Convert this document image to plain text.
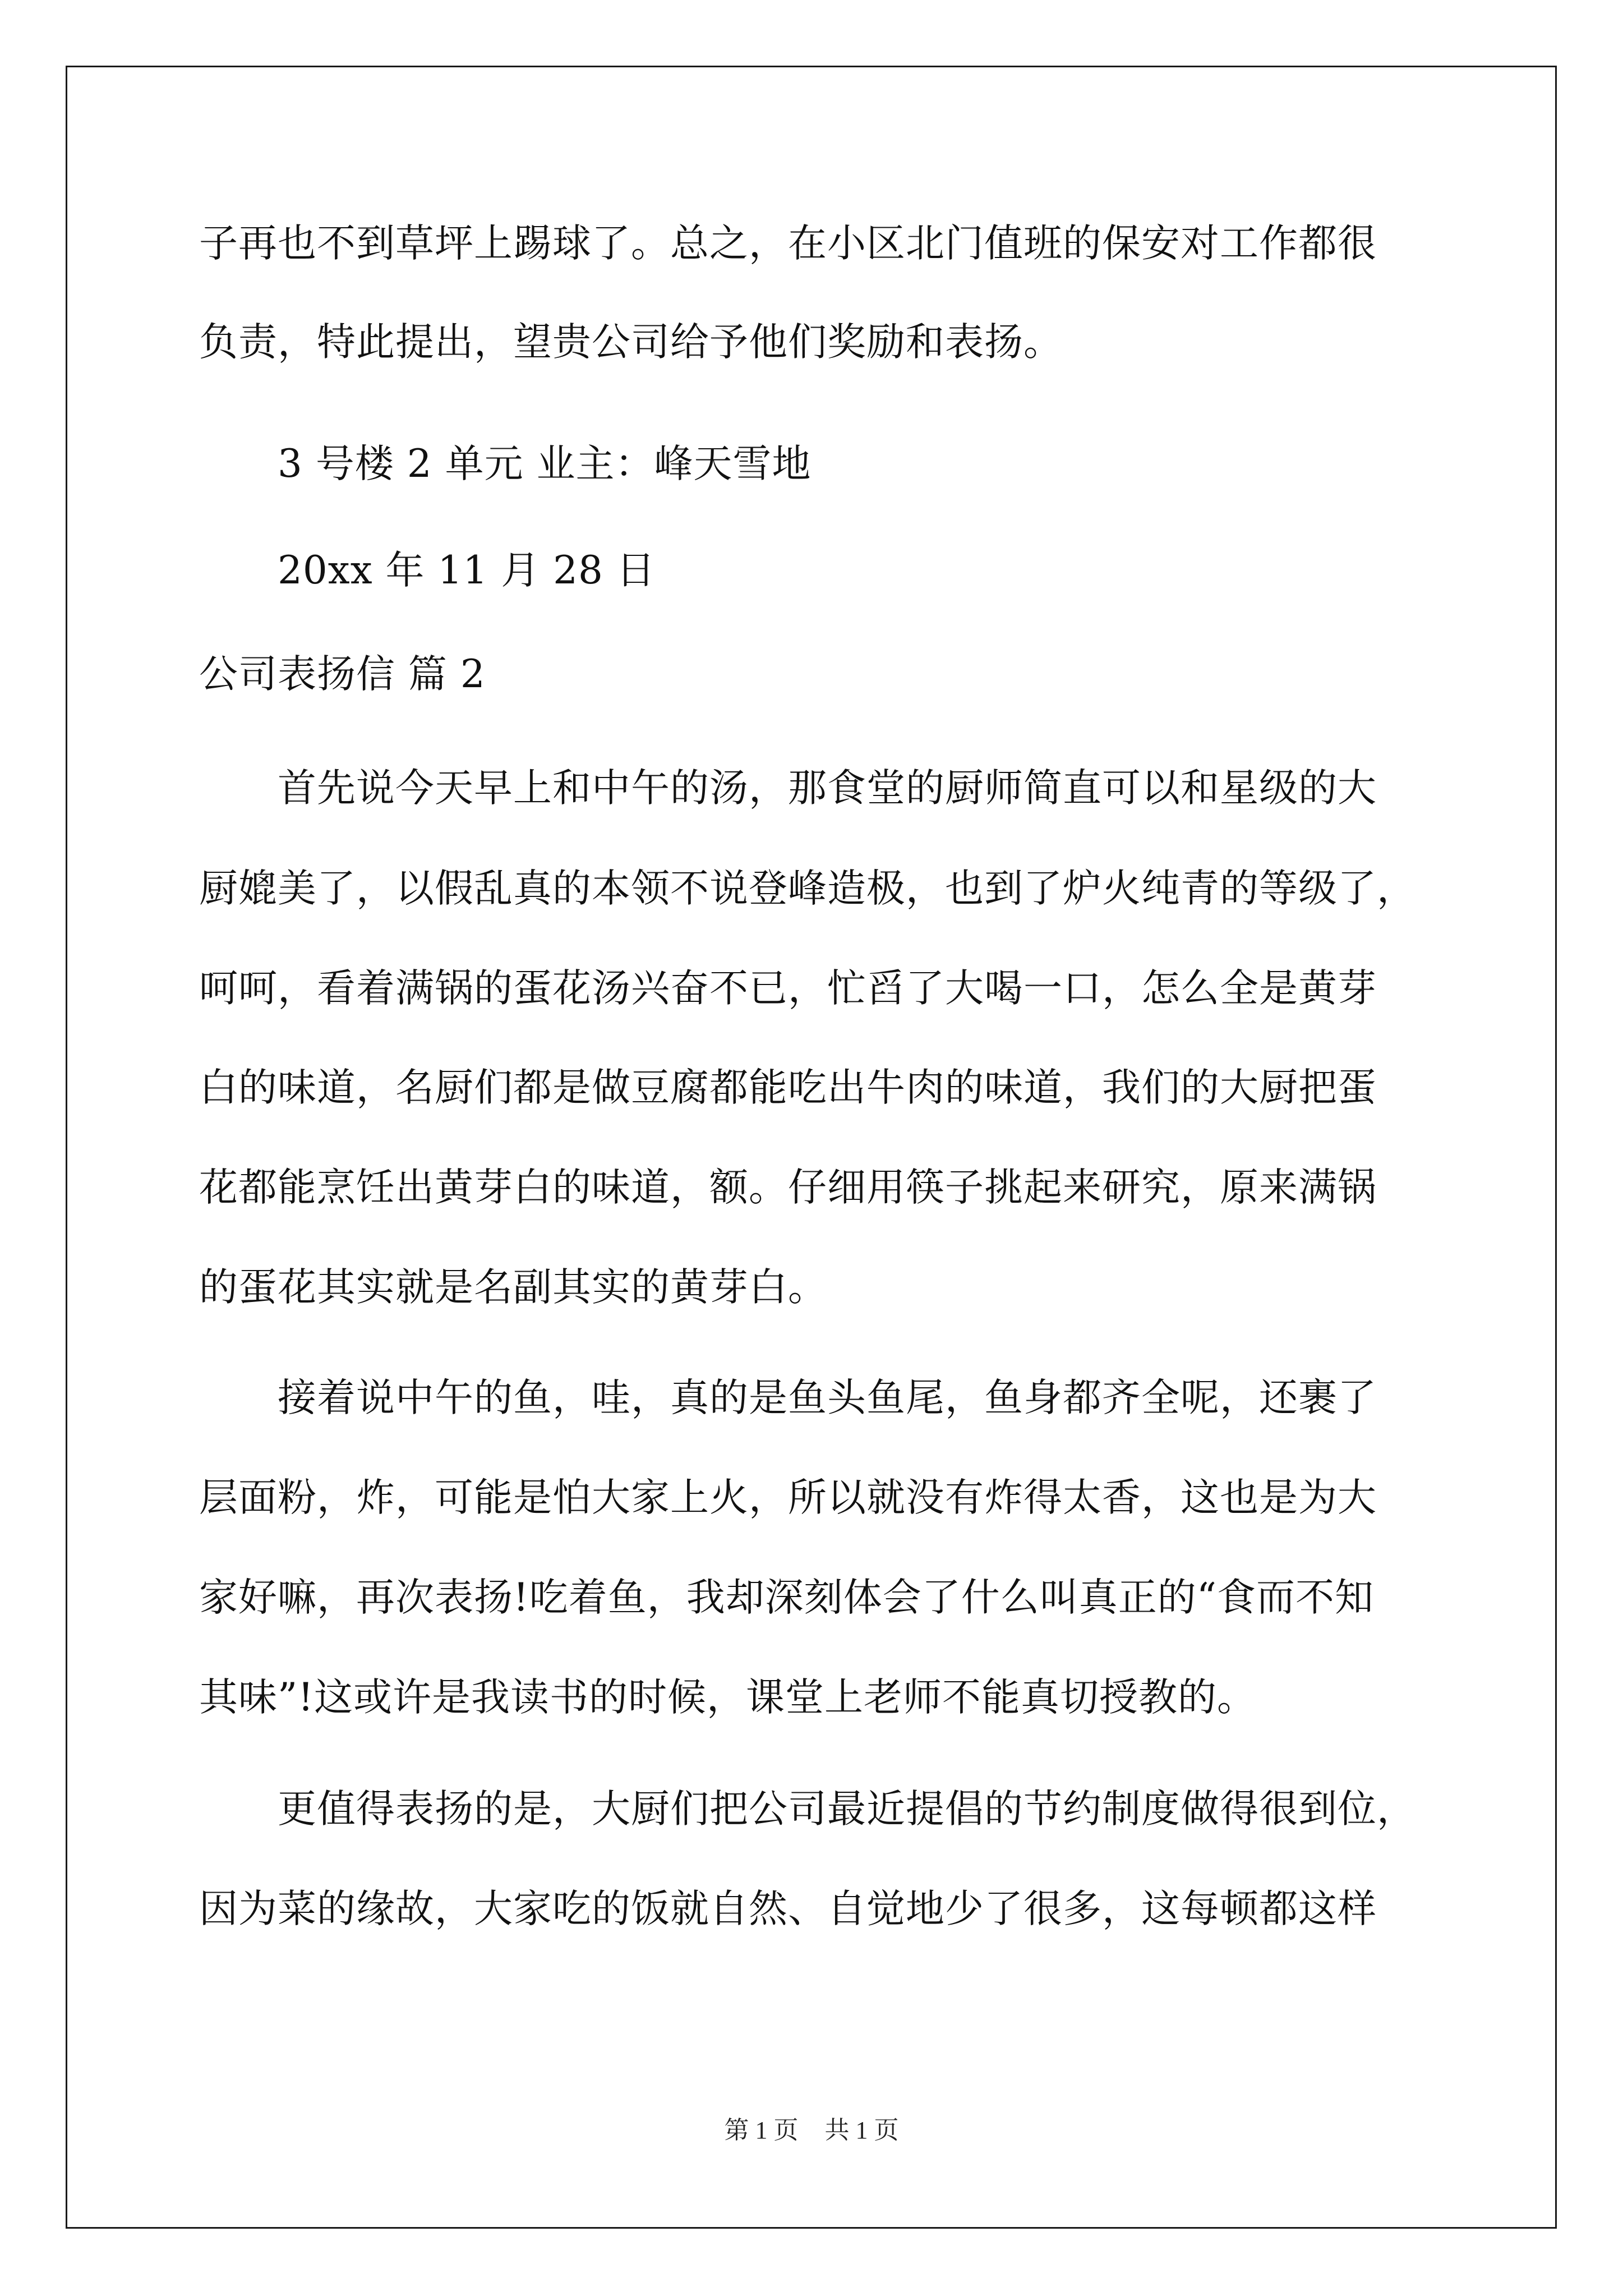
子再也不到草坪上踢球了。总之，在小区北门值班的保安对工作都很
负责，特此提出，望贵公司给予他们奖励和表扬。
3 号楼 2 单元 业主：峰天雪地
20xx 年 11 月 28 日
公司表扬信 篇 2
首先说今天早上和中午的汤，那食堂的厨师简直可以和星级的大
厨媲美了，以假乱真的本领不说登峰造极，也到了炉火纯青的等级了，
呵呵，看着满锅的蛋花汤兴奋不已，忙舀了大喝一口，怎么全是黄芽
白的味道，名厨们都是做豆腐都能吃出牛肉的味道，我们的大厨把蛋
花都能烹饪出黄芽白的味道，额。仔细用筷子挑起来研究，原来满锅
的蛋花其实就是名副其实的黄芽白。
接着说中午的鱼，哇，真的是鱼头鱼尾，鱼身都齐全呢，还裹了
层面粉，炸，可能是怕大家上火，所以就没有炸得太香，这也是为大
家好嘛，再次表扬!吃着鱼，我却深刻体会了什么叫真正的“食而不知
其味”!这或许是我读书的时候，课堂上老师不能真切授教的。
更值得表扬的是，大厨们把公司最近提倡的节约制度做得很到位，
因为菜的缘故，大家吃的饭就自然、自觉地少了很多，这每顿都这样
第 1 页 共 1 页
